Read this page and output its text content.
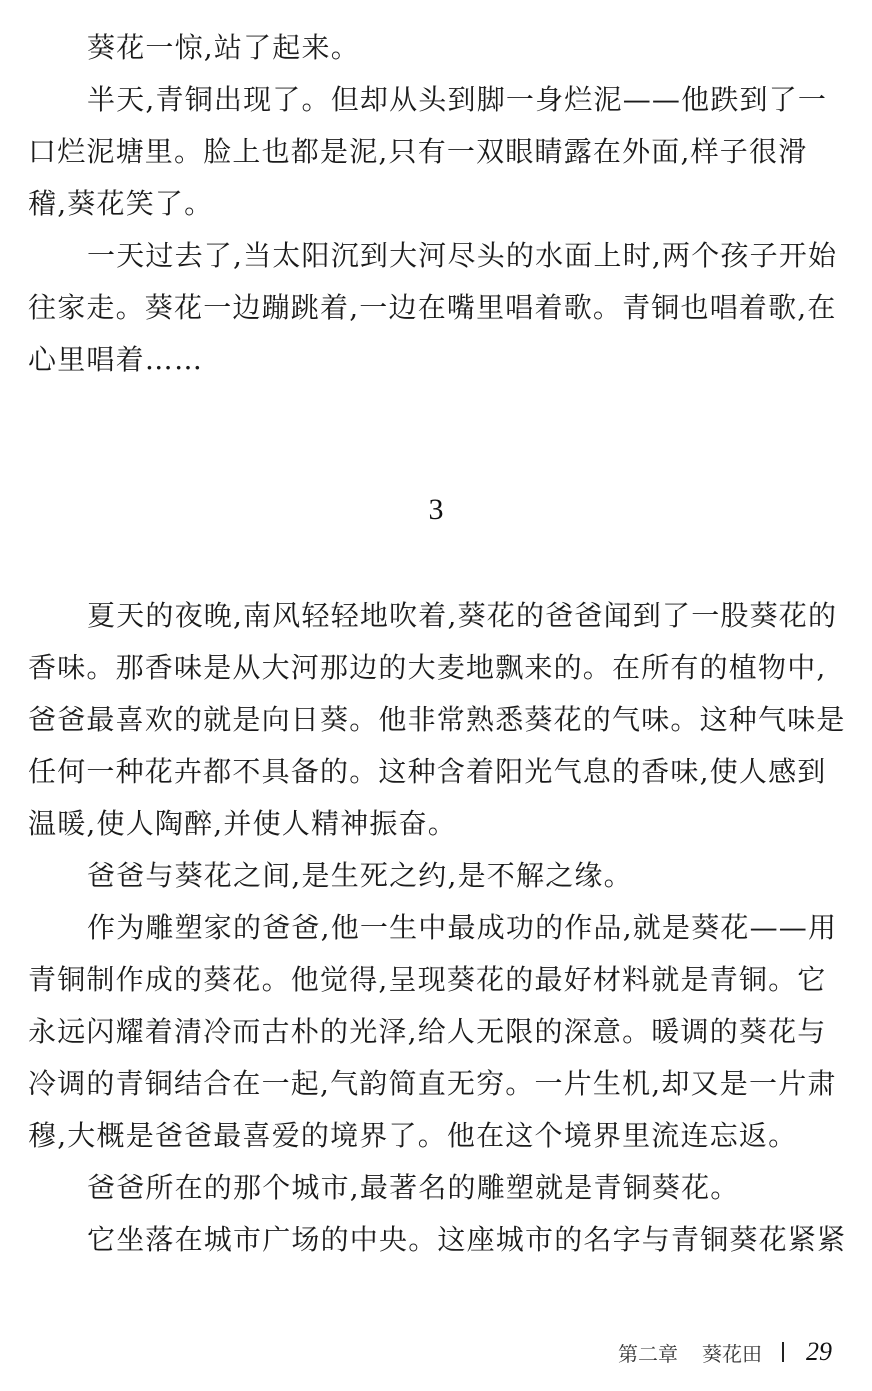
葵花一惊,站了起来。
半天,青铜出现了。但却从头到脚一身烂泥——他跌到了一
口烂泥塘里。脸上也都是泥,只有一双眼睛露在外面,样子很滑
稽,葵花笑了。
一天过去了,当太阳沉到大河尽头的水面上时,两个孩子开始
往家走。葵花一边蹦跳着,一边在嘴里唱着歌。青铜也唱着歌,在
心里唱着……
3
夏天的夜晚,南风轻轻地吹着,葵花的爸爸闻到了一股葵花的
香味。那香味是从大河那边的大麦地飘来的。在所有的植物中,
爸爸最喜欢的就是向日葵。他非常熟悉葵花的气味。这种气味是
任何一种花卉都不具备的。这种含着阳光气息的香味,使人感到
温暖,使人陶醉,并使人精神振奋。
爸爸与葵花之间,是生死之约,是不解之缘。
作为雕塑家的爸爸,他一生中最成功的作品,就是葵花——用
青铜制作成的葵花。他觉得,呈现葵花的最好材料就是青铜。它
永远闪耀着清冷而古朴的光泽,给人无限的深意。暖调的葵花与
冷调的青铜结合在一起,气韵简直无穷。一片生机,却又是一片肃
穆,大概是爸爸最喜爱的境界了。他在这个境界里流连忘返。
爸爸所在的那个城市,最著名的雕塑就是青铜葵花。
它坐落在城市广场的中央。这座城市的名字与青铜葵花紧紧
第二章 葵花田 29
